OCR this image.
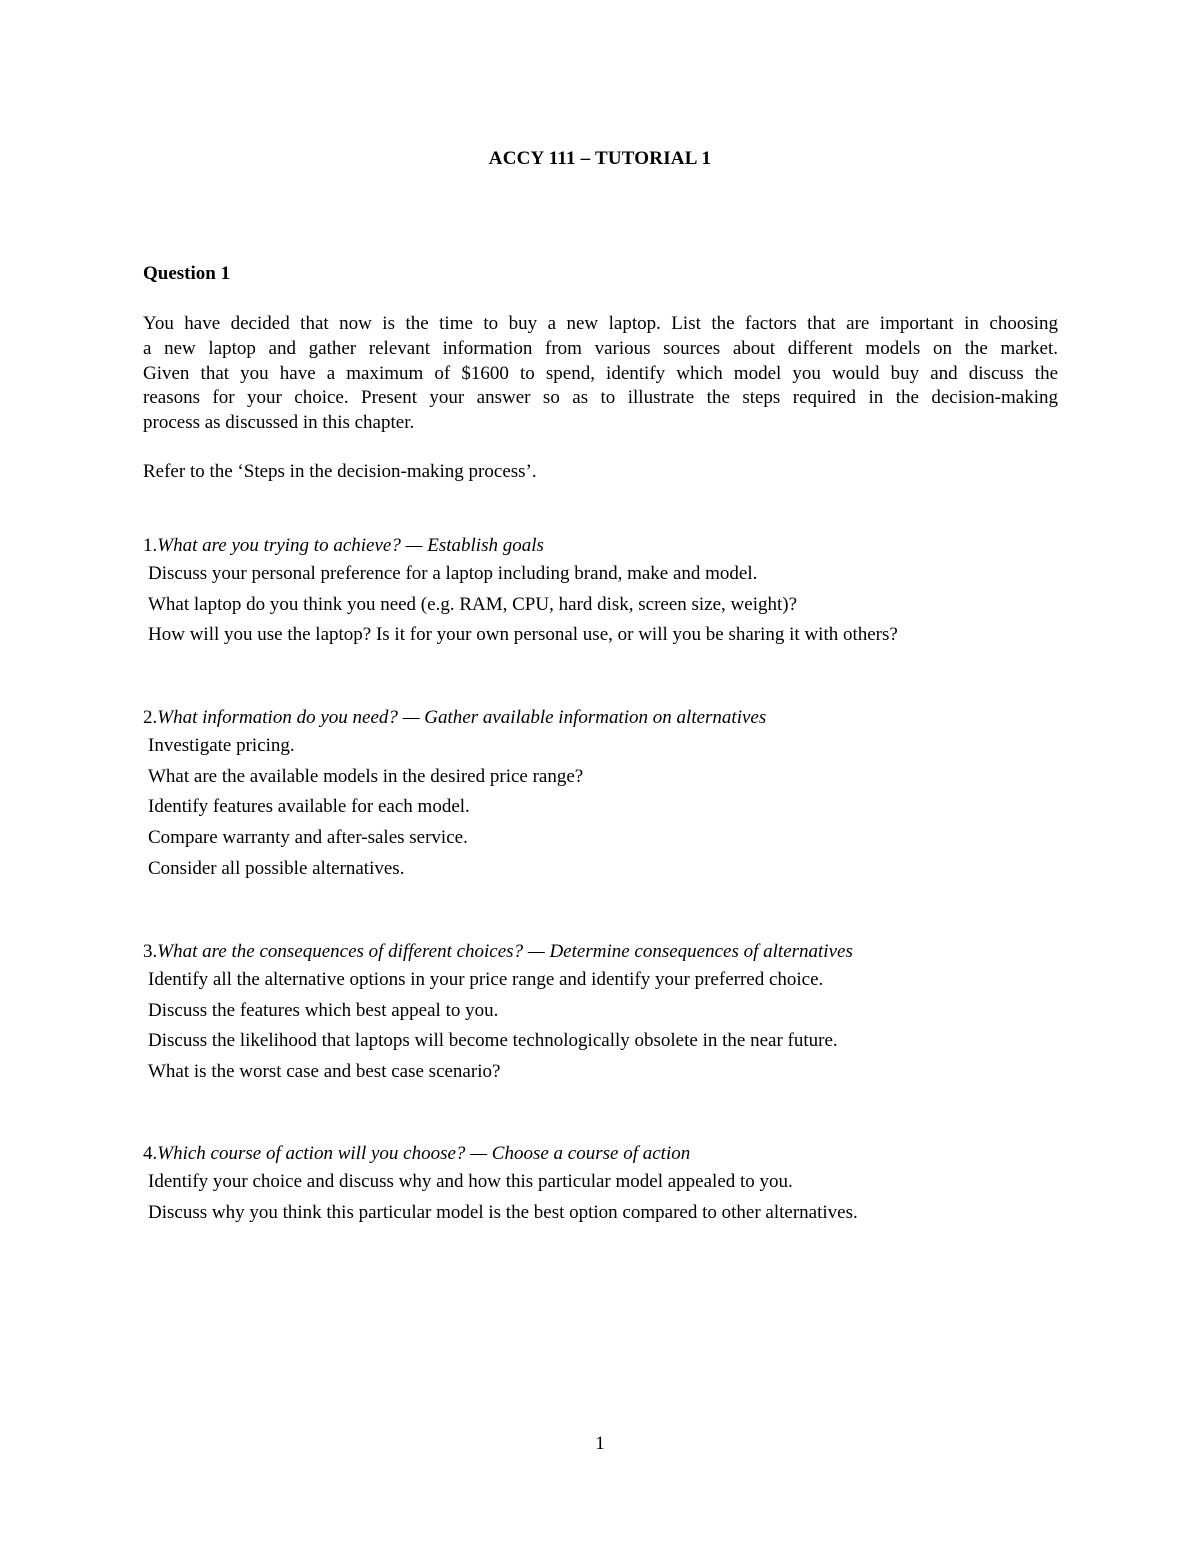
ACCY 111 – TUTORIAL 1
Question 1
You have decided that now is the time to buy a new laptop. List the factors that are important in choosing
a new laptop and gather relevant information from various sources about different models on the market.
Given that you have a maximum of $1600 to spend, identify which model you would buy and discuss the
reasons for your choice. Present your answer so as to illustrate the steps required in the decision-making
process as discussed in this chapter.
Refer to the ‘Steps in the decision-making process’.
1.What are you trying to achieve? — Establish goals
Discuss your personal preference for a laptop including brand, make and model.
What laptop do you think you need (e.g. RAM, CPU, hard disk, screen size, weight)?
How will you use the laptop? Is it for your own personal use, or will you be sharing it with others?
2.What information do you need? — Gather available information on alternatives
Investigate pricing.
What are the available models in the desired price range?
Identify features available for each model.
Compare warranty and after-sales service.
Consider all possible alternatives.
3.What are the consequences of different choices? — Determine consequences of alternatives
Identify all the alternative options in your price range and identify your preferred choice.
Discuss the features which best appeal to you.
Discuss the likelihood that laptops will become technologically obsolete in the near future.
What is the worst case and best case scenario?
4.Which course of action will you choose? — Choose a course of action
Identify your choice and discuss why and how this particular model appealed to you.
Discuss why you think this particular model is the best option compared to other alternatives.
1
